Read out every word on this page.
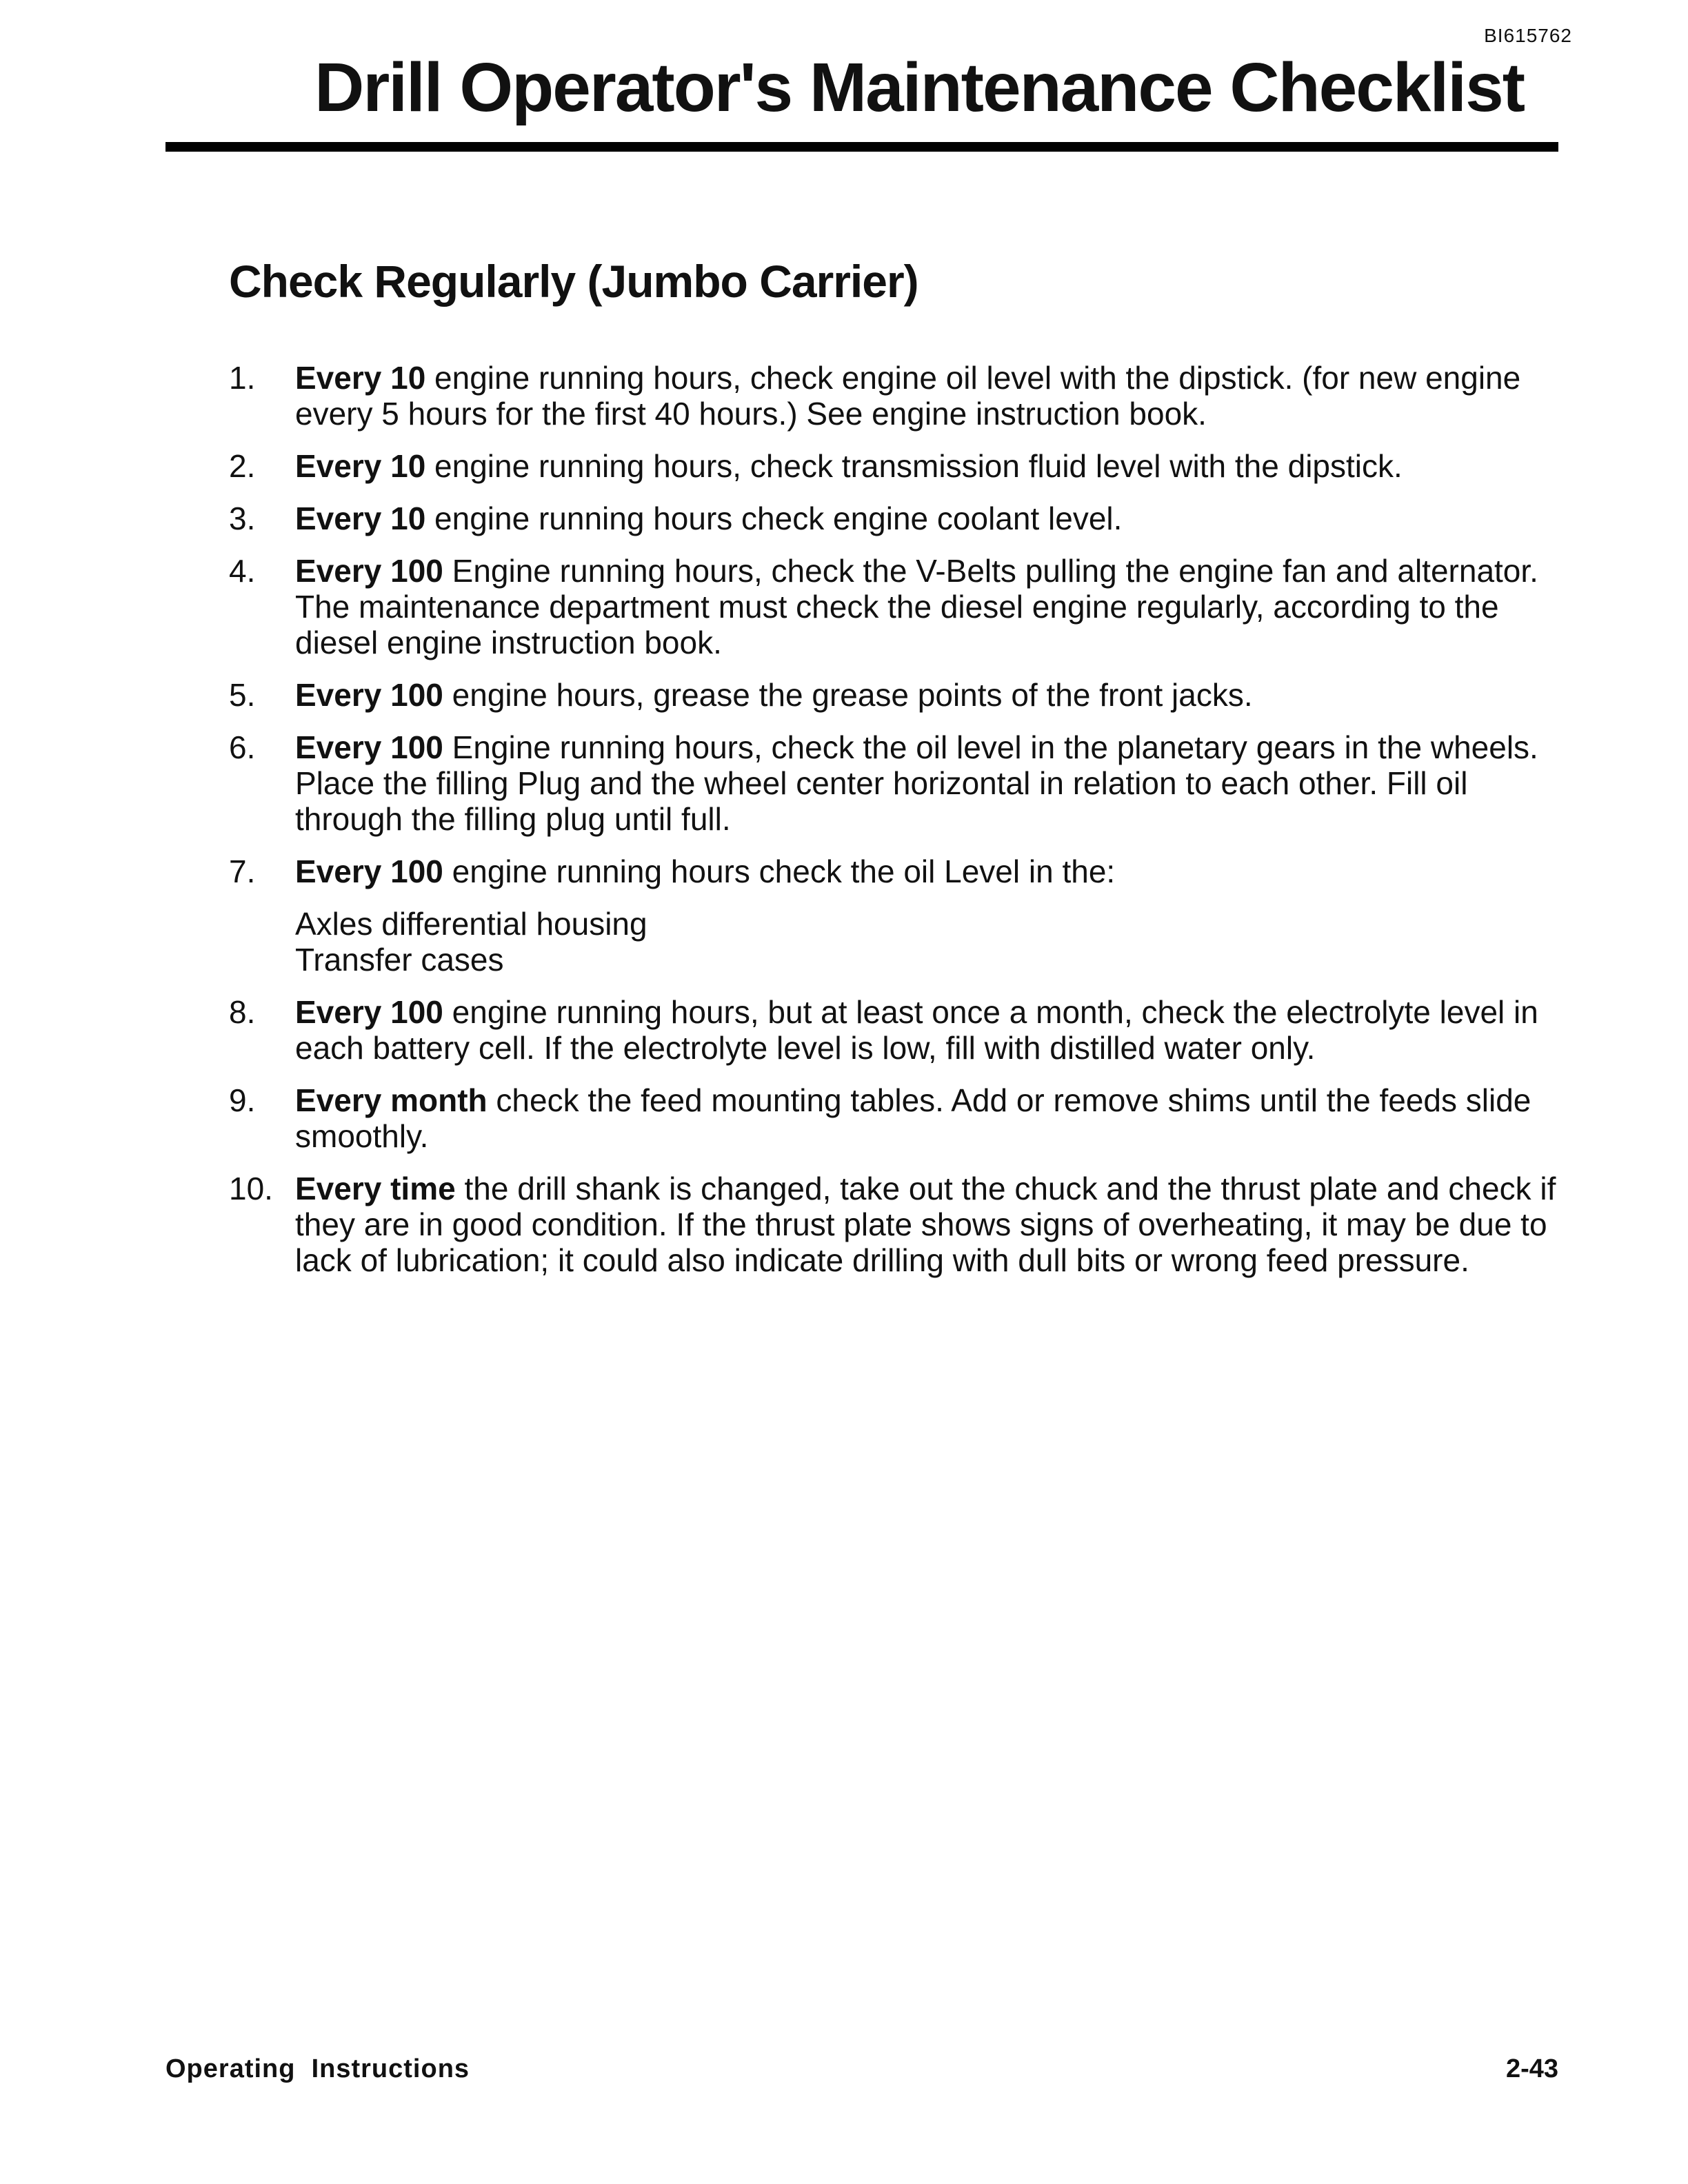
BI615762
Drill Operator's Maintenance Checklist
Check Regularly (Jumbo Carrier)
1. Every 10 engine running hours, check engine oil level with the dipstick. (for new engine every 5 hours for the first 40 hours.) See engine instruction book.
2. Every 10 engine running hours, check transmission fluid level with the dipstick.
3. Every 10 engine running hours check engine coolant level.
4. Every 100 Engine running hours, check the V-Belts pulling the engine fan and alternator. The maintenance department must check the diesel engine regularly, according to the diesel engine instruction book.
5. Every 100 engine hours, grease the grease points of the front jacks.
6. Every 100 Engine running hours, check the oil level in the planetary gears in the wheels. Place the filling Plug and the wheel center horizontal in relation to each other. Fill oil through the filling plug until full.
7. Every 100 engine running hours check the oil Level in the:
Axles differential housing
Transfer cases
8. Every 100 engine running hours, but at least once a month, check the electrolyte level in each battery cell. If the electrolyte level is low, fill with distilled water only.
9. Every month check the feed mounting tables. Add or remove shims until the feeds slide smoothly.
10. Every time the drill shank is changed, take out the chuck and the thrust plate and check if they are in good condition. If the thrust plate shows signs of overheating, it may be due to lack of lubrication; it could also indicate drilling with dull bits or wrong feed pressure.
Operating  Instructions	2-43
